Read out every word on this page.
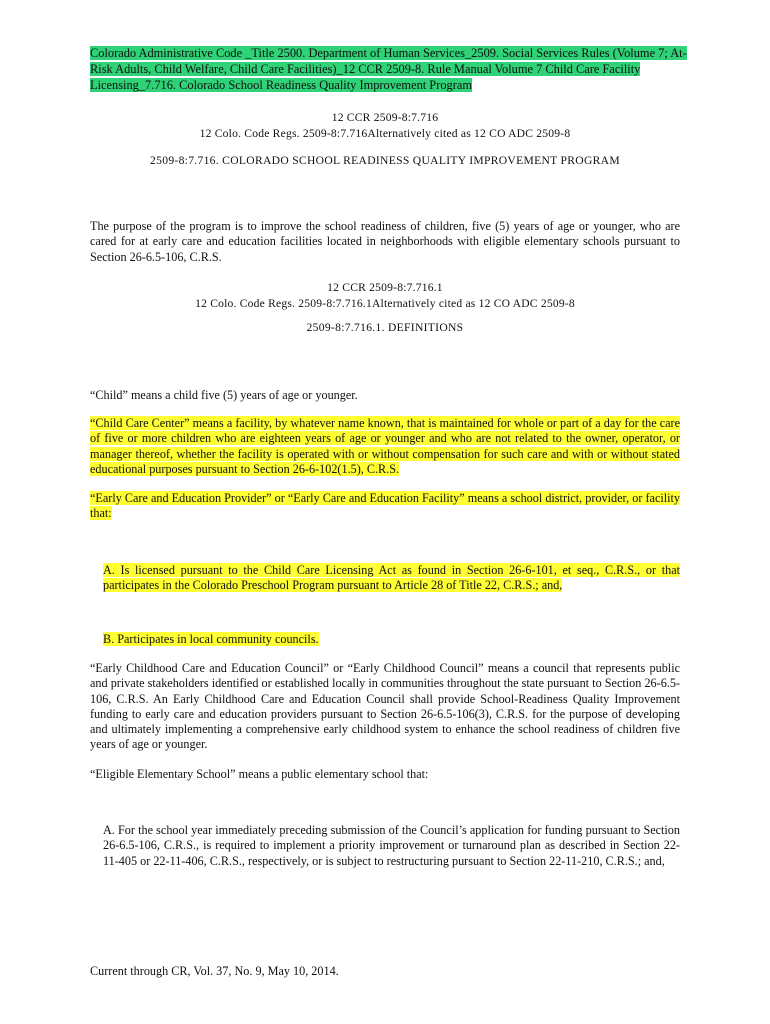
Colorado Administrative Code _Title 2500. Department of Human Services_2509. Social Services Rules (Volume 7; At-Risk Adults, Child Welfare, Child Care Facilities)_12 CCR 2509-8. Rule Manual Volume 7 Child Care Facility Licensing_7.716. Colorado School Readiness Quality Improvement Program
12 CCR 2509-8:7.716
12 Colo. Code Regs. 2509-8:7.716Alternatively cited as 12 CO ADC 2509-8
2509-8:7.716. COLORADO SCHOOL READINESS QUALITY IMPROVEMENT PROGRAM

The purpose of the program is to improve the school readiness of children, five (5) years of age or younger, who are cared for at early care and education facilities located in neighborhoods with eligible elementary schools pursuant to Section 26-6.5-106, C.R.S.

12 CCR 2509-8:7.716.1
12 Colo. Code Regs. 2509-8:7.716.1Alternatively cited as 12 CO ADC 2509-8
2509-8:7.716.1. DEFINITIONS

“Child” means a child five (5) years of age or younger.

“Child Care Center” means a facility, by whatever name known, that is maintained for whole or part of a day for the care of five or more children who are eighteen years of age or younger and who are not related to the owner, operator, or manager thereof, whether the facility is operated with or without compensation for such care and with or without stated educational purposes pursuant to Section 26-6-102(1.5), C.R.S.

“Early Care and Education Provider” or “Early Care and Education Facility” means a school district, provider, or facility that:

A. Is licensed pursuant to the Child Care Licensing Act as found in Section 26-6-101, et seq., C.R.S., or that participates in the Colorado Preschool Program pursuant to Article 28 of Title 22, C.R.S.; and,

B. Participates in local community councils.

“Early Childhood Care and Education Council” or “Early Childhood Council” means a council that represents public and private stakeholders identified or established locally in communities throughout the state pursuant to Section 26-6.5-106, C.R.S. An Early Childhood Care and Education Council shall provide School-Readiness Quality Improvement funding to early care and education providers pursuant to Section 26-6.5-106(3), C.R.S. for the purpose of developing and ultimately implementing a comprehensive early childhood system to enhance the school readiness of children five years of age or younger.

“Eligible Elementary School” means a public elementary school that:

A. For the school year immediately preceding submission of the Council’s application for funding pursuant to Section 26-6.5-106, C.R.S., is required to implement a priority improvement or turnaround plan as described in Section 22-11-405 or 22-11-406, C.R.S., respectively, or is subject to restructuring pursuant to Section 22-11-210, C.R.S.; and,

Current through CR, Vol. 37, No. 9, May 10, 2014.
